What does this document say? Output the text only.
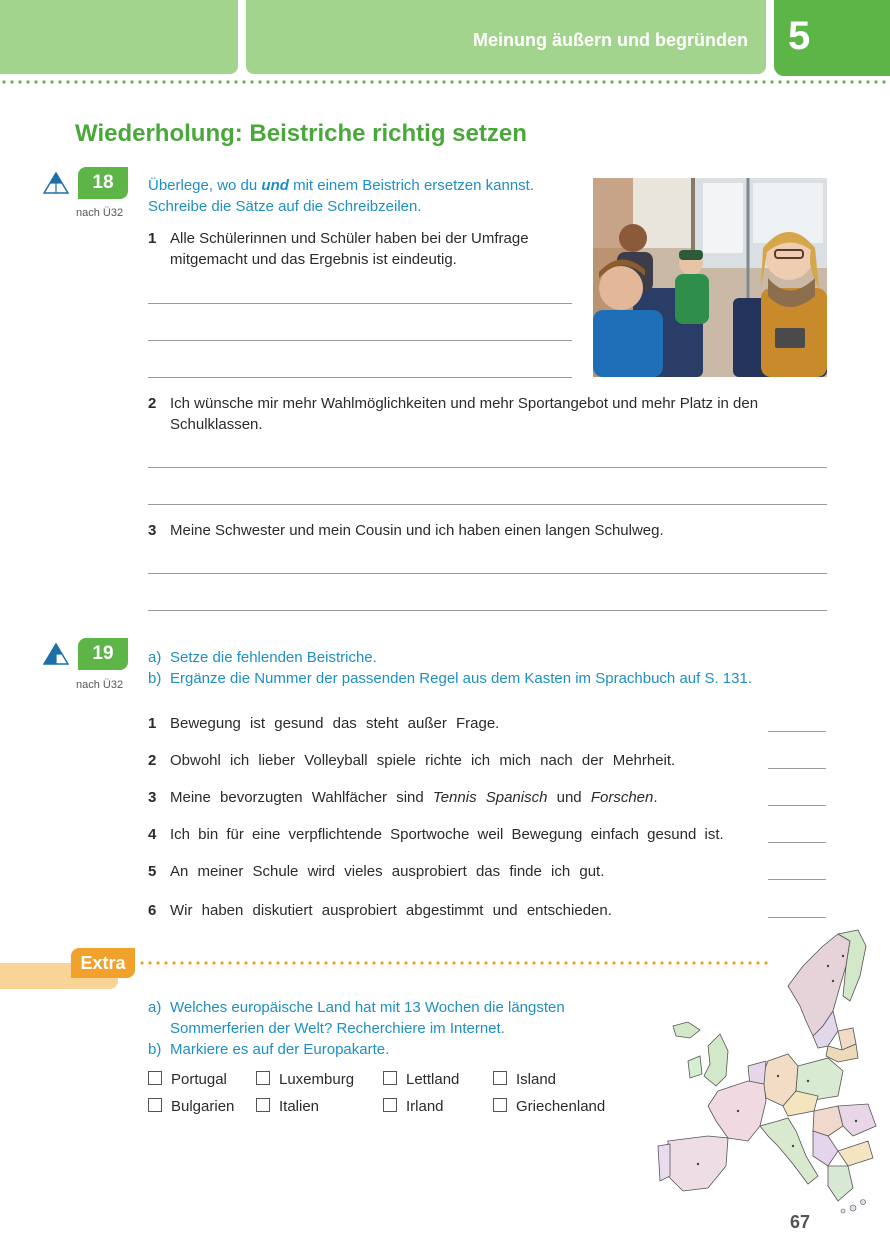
Meinung äußern und begründen	5
Wiederholung: Beistriche richtig setzen
18
nach Ü32
Überlege, wo du und mit einem Beistrich ersetzen kannst.
Schreibe die Sätze auf die Schreibzeilen.
1 Alle Schülerinnen und Schüler haben bei der Umfrage mitgemacht und das Ergebnis ist eindeutig.
2 Ich wünsche mir mehr Wahlmöglichkeiten und mehr Sportangebot und mehr Platz in den Schulklassen.
3 Meine Schwester und mein Cousin und ich haben einen langen Schulweg.
19
nach Ü32
a) Setze die fehlenden Beistriche.
b) Ergänze die Nummer der passenden Regel aus dem Kasten im Sprachbuch auf S. 131.
1 Bewegung ist gesund das steht außer Frage.
2 Obwohl ich lieber Volleyball spiele richte ich mich nach der Mehrheit.
3 Meine bevorzugten Wahlfächer sind Tennis Spanisch und Forschen.
4 Ich bin für eine verpflichtende Sportwoche weil Bewegung einfach gesund ist.
5 An meiner Schule wird vieles ausprobiert das finde ich gut.
6 Wir haben diskutiert ausprobiert abgestimmt und entschieden.
Extra
a) Welches europäische Land hat mit 13 Wochen die längsten
Sommerferien der Welt? Recherchiere im Internet.
b) Markiere es auf der Europakarte.
Portugal	Luxemburg	Lettland	Island
Bulgarien	Italien	Irland	Griechenland
67
